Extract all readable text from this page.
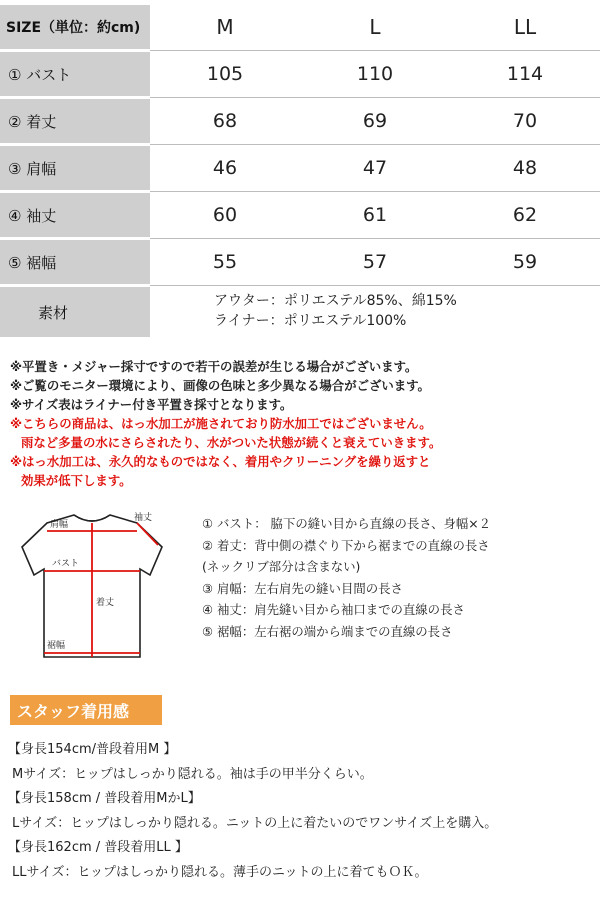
SIZE（単位：約cm)	M	L	LL
① バスト	105	110	114
② 着丈	68	69	70
③ 肩幅	46	47	48
④ 袖丈	60	61	62
⑤ 裾幅	55	57	59
素材
アウター：ポリエステル85%、綿15%
ライナー：ポリエステル100%
※平置き・メジャー採寸ですので若干の誤差が生じる場合がございます。
※ご覧のモニター環境により、画像の色味と多少異なる場合がございます。
※サイズ表はライナー付き平置き採寸となります。
※こちらの商品は、はっ水加工が施されており防水加工ではございません。
雨など多量の水にさらされたり、水がついた状態が続くと衰えていきます。
※はっ水加工は、永久的なものではなく、着用やクリーニングを繰り返すと
効果が低下します。
肩幅
バスト
着丈
袖丈
裾幅
① バスト： 脇下の縫い目から直線の長さ、身幅×２
② 着丈：背中側の襟ぐり下から裾までの直線の長さ
(ネックリブ部分は含まない)
③ 肩幅：左右肩先の縫い目間の長さ
④ 袖丈：肩先縫い目から袖口までの直線の長さ
⑤ 裾幅：左右裾の端から端までの直線の長さ
スタッフ着用感
【身長154cm/普段着用M 】
Mサイズ：ヒップはしっかり隠れる。袖は手の甲半分くらい。
【身長158cm / 普段着用MかL】
Lサイズ：ヒップはしっかり隠れる。ニットの上に着たいのでワンサイズ上を購入。
【身長162cm / 普段着用LL 】
LLサイズ：ヒップはしっかり隠れる。薄手のニットの上に着てもＯＫ。
